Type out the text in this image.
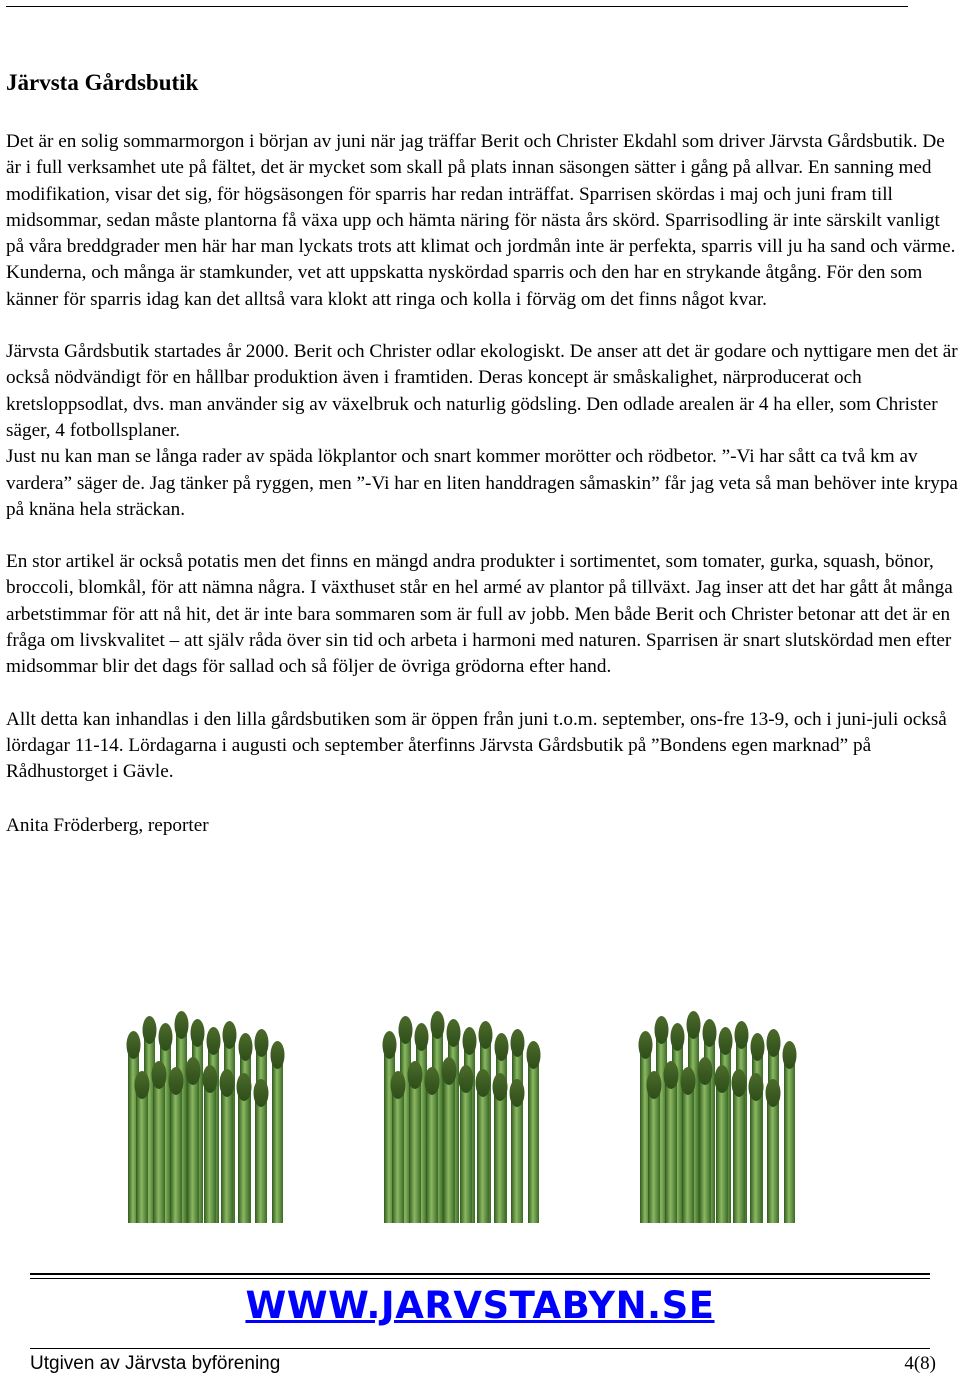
Järvsta Gårdsbutik

Det är en solig sommarmorgon i början av juni när jag träffar Berit och Christer Ekdahl som driver Järvsta Gårdsbutik. De är i full verksamhet ute på fältet, det är mycket som skall på plats innan säsongen sätter i gång på allvar. En sanning med modifikation, visar det sig, för högsäsongen för sparris har redan inträffat. Sparrisen skördas i maj och juni fram till midsommar, sedan måste plantorna få växa upp och hämta näring för nästa års skörd. Sparrisodling är inte särskilt vanligt på våra breddgrader men här har man lyckats trots att klimat och jordmån inte är perfekta, sparris vill ju ha sand och värme. Kunderna, och många är stamkunder, vet att uppskatta nyskördad sparris och den har en strykande åtgång. För den som känner för sparris idag kan det alltså vara klokt att ringa och kolla i förväg om det finns något kvar.

Järvsta Gårdsbutik startades år 2000. Berit och Christer odlar ekologiskt. De anser att det är godare och nyttigare men det är också nödvändigt för en hållbar produktion även i framtiden. Deras koncept är småskalighet, närproducerat och kretsloppsodlat, dvs. man använder sig av växelbruk och naturlig gödsling. Den odlade arealen är 4 ha eller, som Christer säger, 4 fotbollsplaner.

Just nu kan man se långa rader av späda lökplantor och snart kommer morötter och rödbetor. ”-Vi har sått ca två km av vardera” säger de. Jag tänker på ryggen, men ”-Vi har en liten handdragen såmaskin” får jag veta så man behöver inte krypa på knäna hela sträckan.

En stor artikel är också potatis men det finns en mängd andra produkter i sortimentet, som tomater, gurka, squash, bönor, broccoli, blomkål, för att nämna några. I växthuset står en hel armé av plantor på tillväxt. Jag inser att det har gått åt många arbetstimmar för att nå hit, det är inte bara sommaren som är full av jobb. Men både Berit och Christer betonar att det är en fråga om livskvalitet – att själv råda över sin tid och arbeta i harmoni med naturen. Sparrisen är snart slutskördad men efter midsommar blir det dags för sallad och så följer de övriga grödorna efter hand.

Allt detta kan inhandlas i den lilla gårdsbutiken som är öppen från juni t.o.m. september, ons-fre 13-9, och i juni-juli också lördagar 11-14. Lördagarna i augusti och september återfinns Järvsta Gårdsbutik på ”Bondens egen marknad” på Rådhustorget i Gävle.

Anita Fröderberg, reporter

WWW.JARVSTABYN.SE
Utgiven av Järvsta byförening	4(8)
